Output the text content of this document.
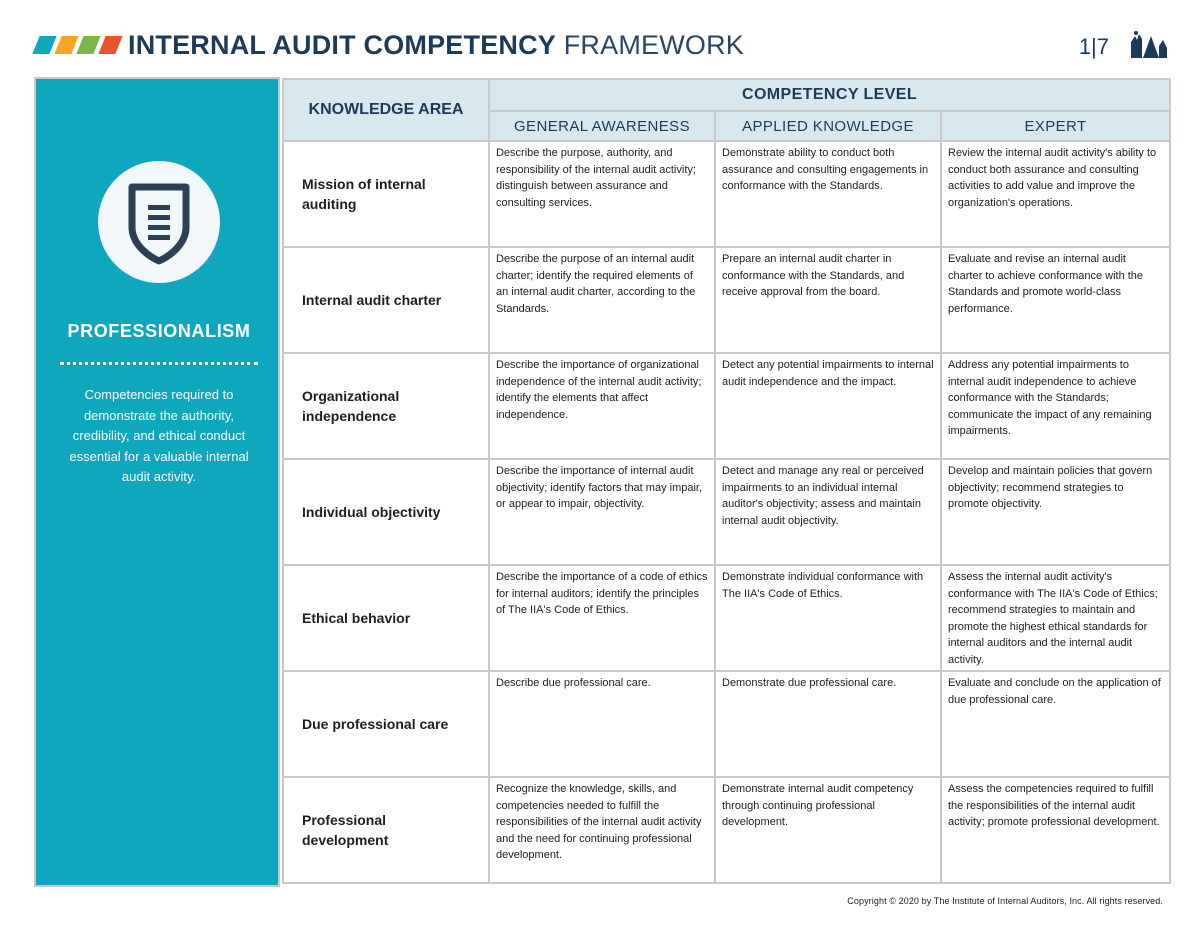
INTERNAL AUDIT COMPETENCY FRAMEWORK	1|7
PROFESSIONALISM
Competencies required to demonstrate the authority, credibility, and ethical conduct essential for a valuable internal audit activity.
KNOWLEDGE AREA	COMPETENCY LEVEL		
	GENERAL AWARENESS	APPLIED KNOWLEDGE	EXPERT
Mission of internal auditing	Describe the purpose, authority, and responsibility of the internal audit activity; distinguish between assurance and consulting services.	Demonstrate ability to conduct both assurance and consulting engagements in conformance with the Standards.	Review the internal audit activity's ability to conduct both assurance and consulting activities to add value and improve the organization's operations.
Internal audit charter	Describe the purpose of an internal audit charter; identify the required elements of an internal audit charter, according to the Standards.	Prepare an internal audit charter in conformance with the Standards, and receive approval from the board.	Evaluate and revise an internal audit charter to achieve conformance with the Standards and promote world-class performance.
Organizational independence	Describe the importance of organizational independence of the internal audit activity; identify the elements that affect independence.	Detect any potential impairments to internal audit independence and the impact.	Address any potential impairments to internal audit independence to achieve conformance with the Standards; communicate the impact of any remaining impairments.
Individual objectivity	Describe the importance of internal audit objectivity; identify factors that may impair, or appear to impair, objectivity.	Detect and manage any real or perceived impairments to an individual internal auditor's objectivity; assess and maintain internal audit objectivity.	Develop and maintain policies that govern objectivity; recommend strategies to promote objectivity.
Ethical behavior	Describe the importance of a code of ethics for internal auditors; identify the principles of The IIA's Code of Ethics.	Demonstrate individual conformance with The IIA's Code of Ethics.	Assess the internal audit activity's conformance with The IIA's Code of Ethics; recommend strategies to maintain and promote the highest ethical standards for internal auditors and the internal audit activity.
Due professional care	Describe due professional care.	Demonstrate due professional care.	Evaluate and conclude on the application of due professional care.
Professional development	Recognize the knowledge, skills, and competencies needed to fulfill the responsibilities of the internal audit activity and the need for continuing professional development.	Demonstrate internal audit competency through continuing professional development.	Assess the competencies required to fulfill the responsibilities of the internal audit activity; promote professional development.
Copyright © 2020 by The Institute of Internal Auditors, Inc. All rights reserved.
